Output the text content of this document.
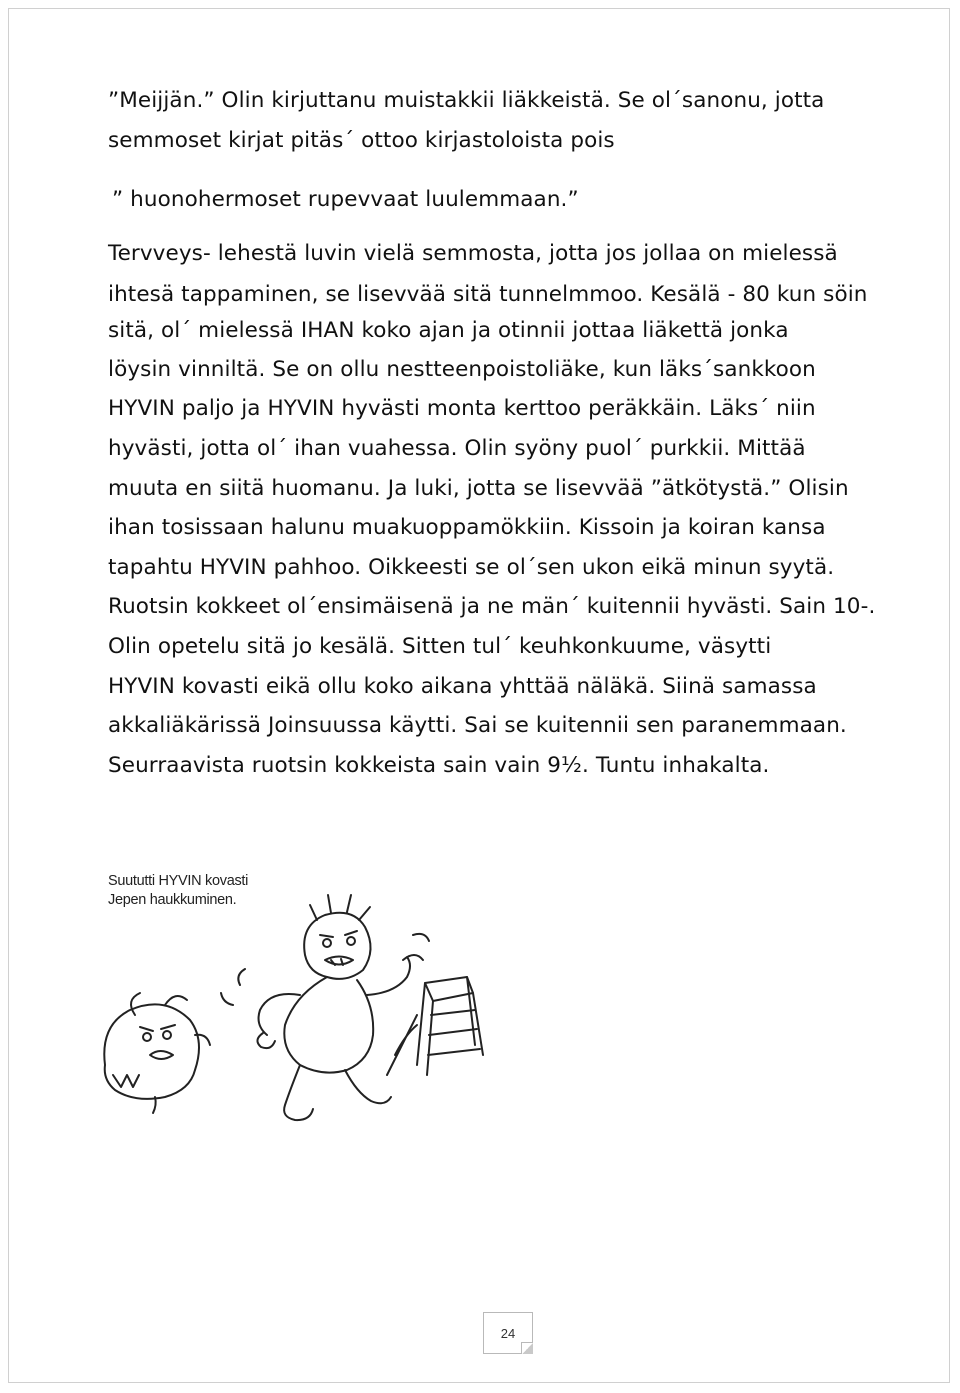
”Meijjän.” Olin kirjuttanu muistakkii liäkkeistä. Se ol´sanonu, jotta
semmoset kirjat pitäs´ ottoo kirjastoloista pois
” huonohermoset rupevvaat luulemmaan.”
Tervveys- lehestä luvin vielä semmosta, jotta jos jollaa on mielessä
ihtesä tappaminen, se lisevvää sitä tunnelmmoo. Kesälä - 80 kun söin
sitä, ol´ mielessä IHAN koko ajan ja otinnii jottaa liäkettä jonka
löysin vinniltä. Se on ollu nestteenpoistoliäke, kun läks´sankkoon
HYVIN paljo ja HYVIN hyvästi monta kerttoo peräkkäin. Läks´ niin
hyvästi, jotta ol´ ihan vuahessa. Olin syöny puol´ purkkii. Mittää
muuta en siitä huomanu. Ja luki, jotta se lisevvää ”ätkötystä.” Olisin
ihan tosissaan halunu muakuoppamökkiin. Kissoin ja koiran kansa
tapahtu HYVIN pahhoo. Oikkeesti se ol´sen ukon eikä minun syytä.
Ruotsin kokkeet ol´ensimäisenä ja ne män´ kuitennii hyvästi. Sain 10-.
Olin opetelu sitä jo kesälä. Sitten tul´ keuhkonkuume, väsytti
HYVIN kovasti eikä ollu koko aikana yhttää näläkä. Siinä samassa
akkaliäkärissä Joinsuussa käytti. Sai se kuitennii sen paranemmaan.
Seurraavista ruotsin kokkeista sain vain 9½. Tuntu inhakalta.
Suututti HYVIN kovasti
Jepen haukkuminen.
24
